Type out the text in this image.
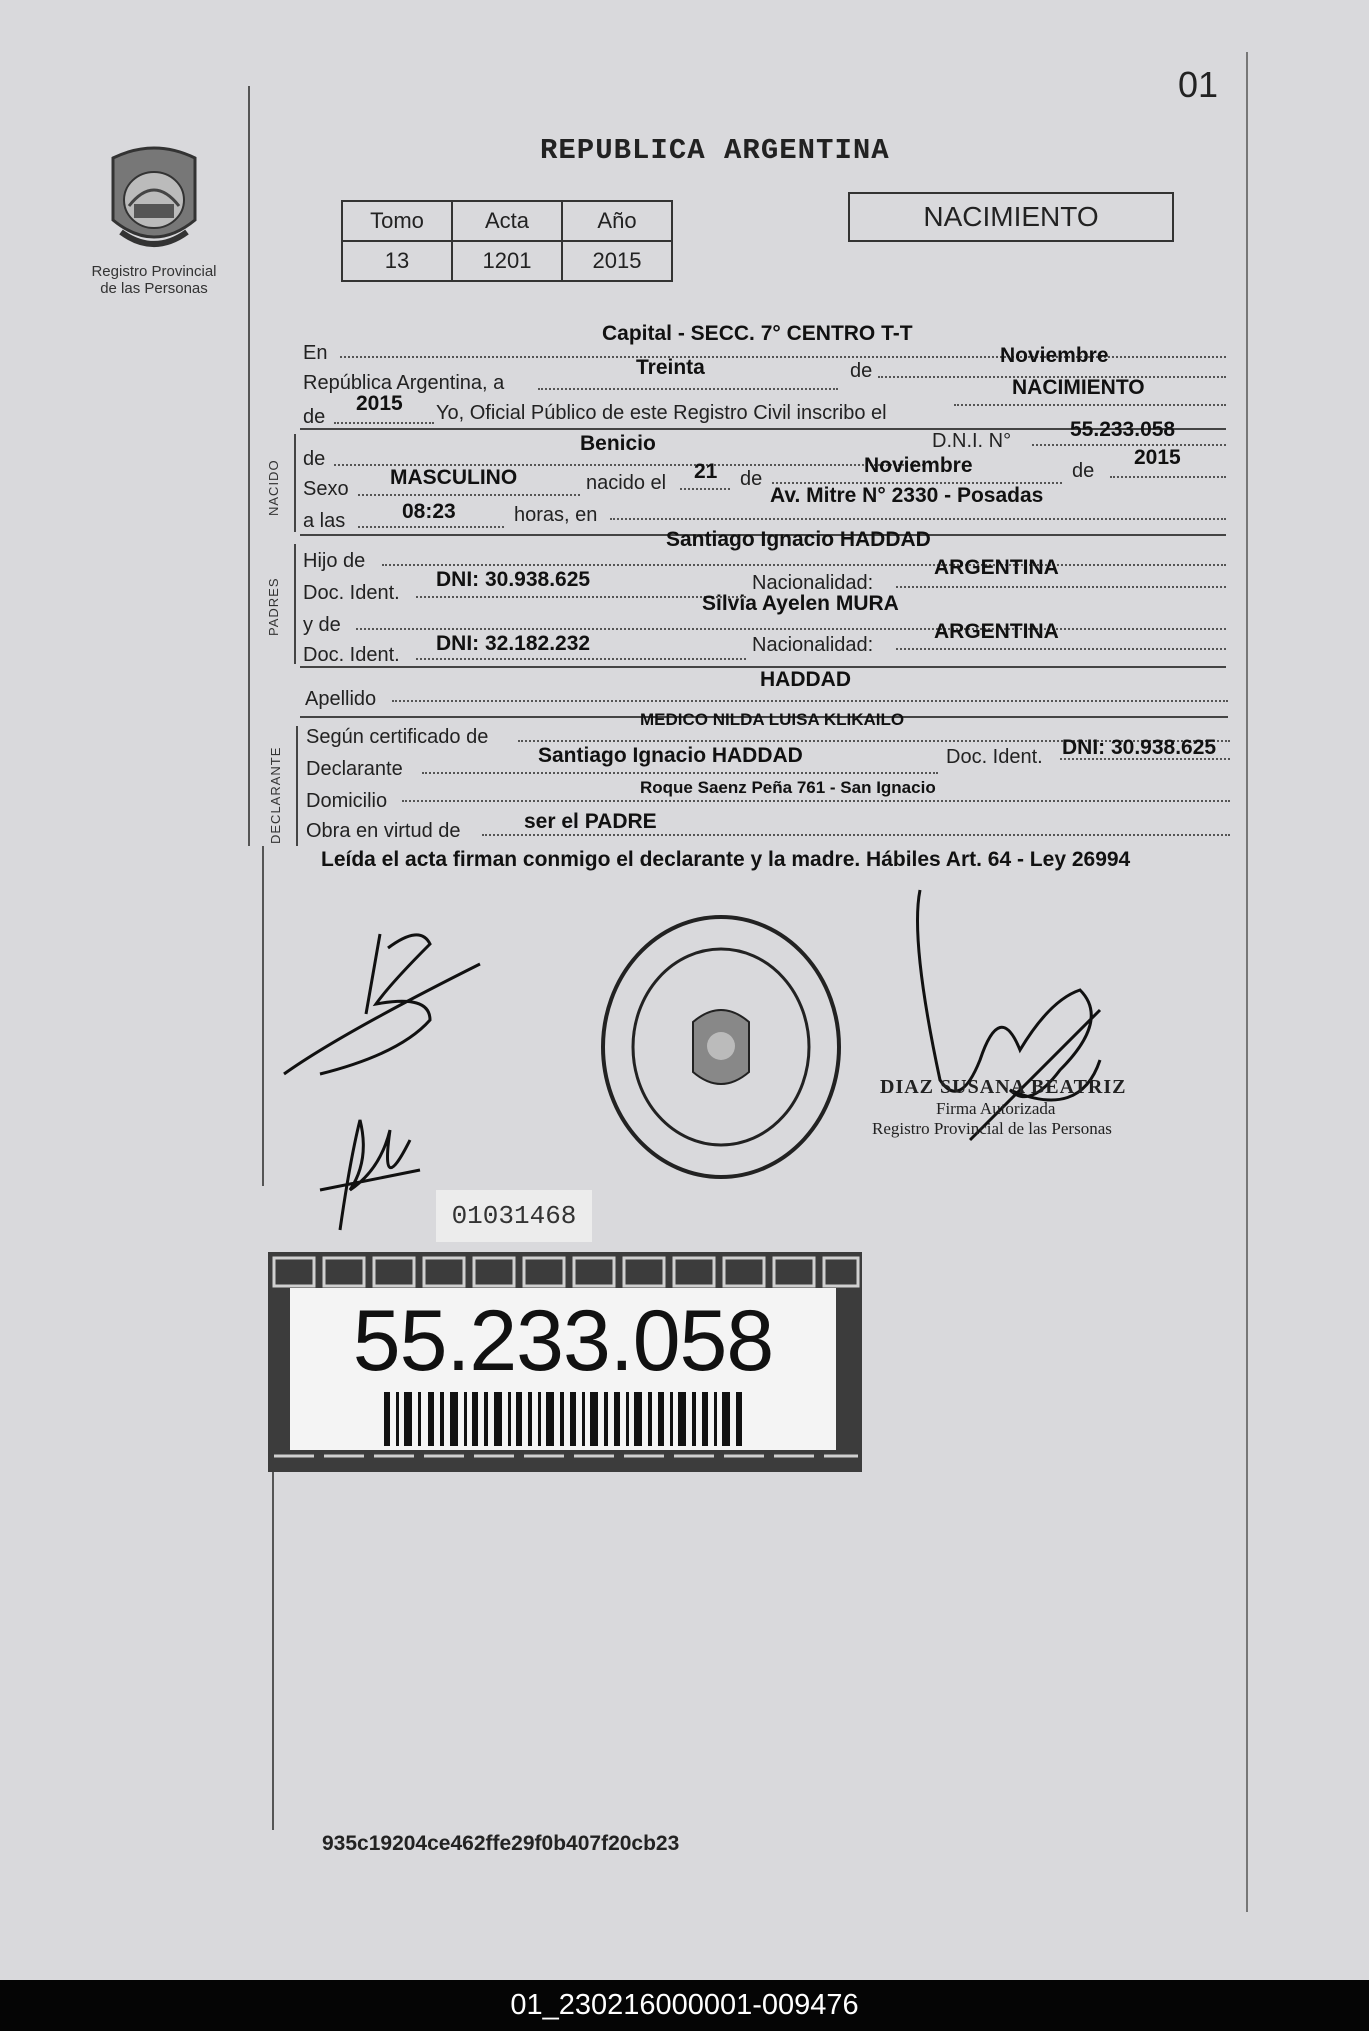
01
Registro Provincial
de las Personas
REPUBLICA ARGENTINA
Tomo	Acta	Año
13	1201	2015
NACIMIENTO
En
Capital - SECC. 7° CENTRO T-T
República Argentina, a
Treinta	de
Noviembre
de
2015 Yo, Oficial Público de este Registro Civil inscribo el
NACIMIENTO
NACIDO
de
Benicio	D.N.I. N°	55.233.058
Sexo MASCULINO	nacido el 21 de
Noviembre	de
2015
a las	08:23	horas, en
Av. Mitre N° 2330 - Posadas
PADRES
Hijo de
Santiago Ignacio HADDAD
Doc. Ident.
DNI: 30.938.625	Nacionalidad:
ARGENTINA
y de
Silvia Ayelen MURA
Doc. Ident. DNI: 32.182.232	Nacionalidad:
ARGENTINA
Apellido
HADDAD
DECLARANTE
Según certificado de
MEDICO NILDA LUISA KLIKAILO
Declarante
Santiago Ignacio HADDAD	Doc. Ident. DNI: 30.938.625
Domicilio
Roque Saenz Peña 761 - San Ignacio
Obra en virtud de	ser el PADRE
Leída el acta firman conmigo el declarante y la madre. Hábiles Art. 64 - Ley 26994
DIAZ SUSANA BEATRIZ
Firma Autorizada
Registro Provincial de las Personas
01031468
55.233.058
935c19204ce462ffe29f0b407f20cb23
01_230216000001-009476
